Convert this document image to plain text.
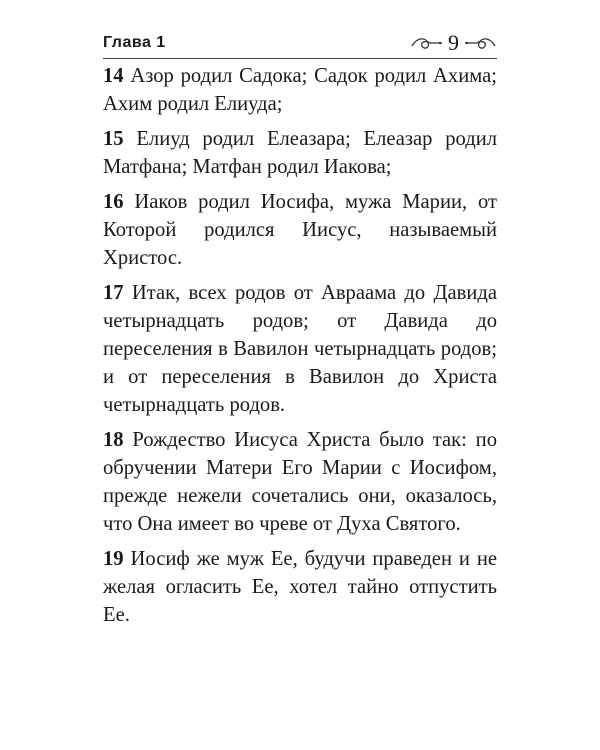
Глава 1	9

14 Азор родил Садока; Садок родил Ахима; Ахим родил Елиуда;

15 Елиуд родил Елеазара; Елеазар родил Матфана; Матфан родил Иакова;

16 Иаков родил Иосифа, мужа Марии, от Которой родился Иисус, называемый Христос.

17 Итак, всех родов от Авраама до Давида четырнадцать родов; от Давида до переселения в Вавилон четырнадцать родов; и от переселения в Вавилон до Христа четырнадцать родов.

18 Рождество Иисуса Христа было так: по обручении Матери Его Марии с Иосифом, прежде нежели сочетались они, оказалось, что Она имеет во чреве от Духа Святого.

19 Иосиф же муж Ее, будучи праведен и не желая огласить Ее, хотел тайно отпустить Ее.
